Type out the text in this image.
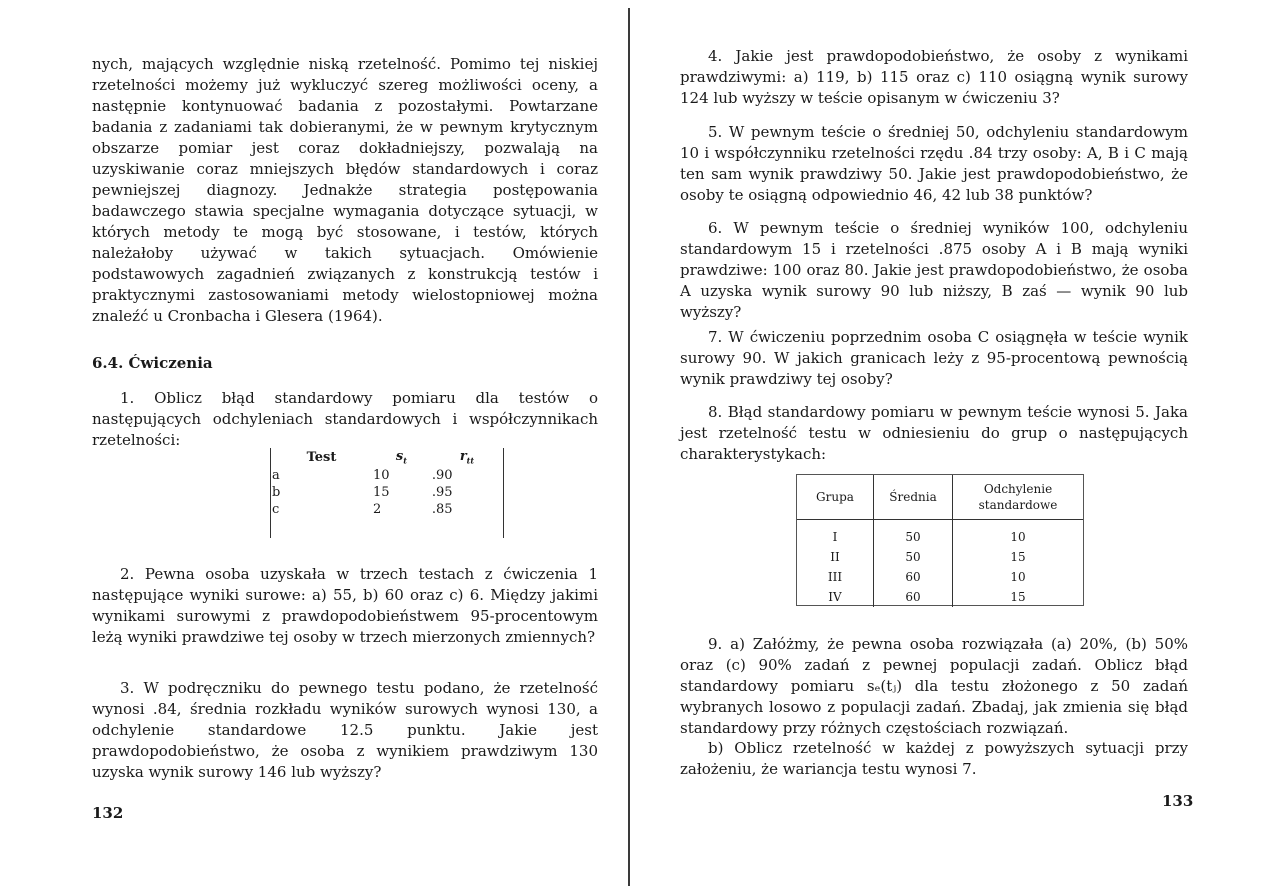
nych, mających względnie niską rzetelność. Pomimo tej niskiej rzetelności możemy już wykluczyć szereg możliwości oceny, a następnie kontynuować badania z pozostałymi. Powtarzane badania z zadaniami tak dobieranymi, że w pewnym krytycznym obszarze pomiar jest coraz dokładniejszy, pozwalają na uzyskiwanie coraz mniejszych błędów standardowych i coraz pewniejszej diagnozy. Jednakże strategia postępowania badawczego stawia specjalne wymagania dotyczące sytuacji, w których metody te mogą być stosowane, i testów, których należałoby używać w takich sytuacjach. Omówienie podstawowych zagadnień związanych z konstrukcją testów i praktycznymi zastosowaniami metody wielostopniowej można znaleźć u Cronbacha i Glesera (1964).

6.4. Ćwiczenia

1. Oblicz błąd standardowy pomiaru dla testów o następujących odchyleniach standardowych i współczynnikach rzetelności:

Test	$s_t$	$r_{tt}$
a	10	.90
b	15	.95
c	2	.85

2. Pewna osoba uzyskała w trzech testach z ćwiczenia 1 następujące wyniki surowe: a) 55, b) 60 oraz c) 6. Między jakimi wynikami surowymi z prawdopodobieństwem 95-procentowym leżą wyniki prawdziwe tej osoby w trzech mierzonych zmiennych?

3. W podręczniku do pewnego testu podano, że rzetelność wynosi .84, średnia rozkładu wyników surowych wynosi 130, a odchylenie standardowe 12.5 punktu. Jakie jest prawdopodobieństwo, że osoba z wynikiem prawdziwym 130 uzyska wynik surowy 146 lub wyższy?

132

4. Jakie jest prawdopodobieństwo, że osoby z wynikami prawdziwymi: a) 119, b) 115 oraz c) 110 osiągną wynik surowy 124 lub wyższy w teście opisanym w ćwiczeniu 3?

5. W pewnym teście o średniej 50, odchyleniu standardowym 10 i współczynniku rzetelności rzędu .84 trzy osoby: A, B i C mają ten sam wynik prawdziwy 50. Jakie jest prawdopodobieństwo, że osoby te osiągną odpowiednio 46, 42 lub 38 punktów?

6. W pewnym teście o średniej wyników 100, odchyleniu standardowym 15 i rzetelności .875 osoby A i B mają wyniki prawdziwe: 100 oraz 80. Jakie jest prawdopodobieństwo, że osoba A uzyska wynik surowy 90 lub niższy, B zaś — wynik 90 lub wyższy?

7. W ćwiczeniu poprzednim osoba C osiągnęła w teście wynik surowy 90. W jakich granicach leży z 95-procentową pewnością wynik prawdziwy tej osoby?

8. Błąd standardowy pomiaru w pewnym teście wynosi 5. Jaka jest rzetelność testu w odniesieniu do grup o następujących charakterystykach:

Grupa	Średnia	Odchylenie standardowe
I	50	10
II	50	15
III	60	10
IV	60	15

9. a) Załóżmy, że pewna osoba rozwiązała (a) 20%, (b) 50% oraz (c) 90% zadań z pewnej populacji zadań. Oblicz błąd standardowy pomiaru sₑ(tⱼ) dla testu złożonego z 50 zadań wybranych losowo z populacji zadań. Zbadaj, jak zmienia się błąd standardowy przy różnych częstościach rozwiązań.

b) Oblicz rzetelność w każdej z powyższych sytuacji przy założeniu, że wariancja testu wynosi 7.

133
